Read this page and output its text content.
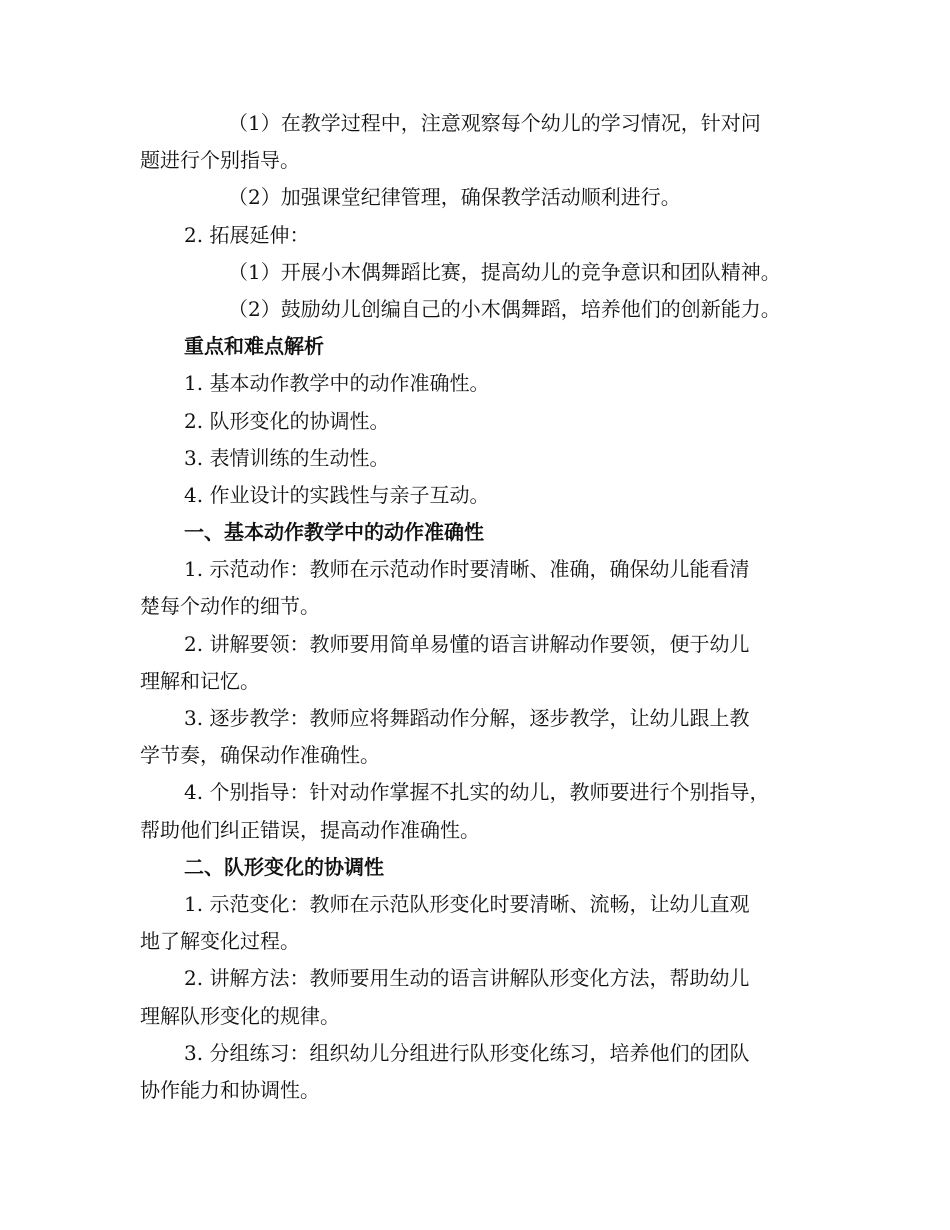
（1）在教学过程中，注意观察每个幼儿的学习情况，针对问
题进行个别指导。
（2）加强课堂纪律管理，确保教学活动顺利进行。
2. 拓展延伸：
（1）开展小木偶舞蹈比赛，提高幼儿的竞争意识和团队精神。
（2）鼓励幼儿创编自己的小木偶舞蹈，培养他们的创新能力。
重点和难点解析
1. 基本动作教学中的动作准确性。
2. 队形变化的协调性。
3. 表情训练的生动性。
4. 作业设计的实践性与亲子互动。
一、基本动作教学中的动作准确性
1. 示范动作：教师在示范动作时要清晰、准确，确保幼儿能看清
楚每个动作的细节。
2. 讲解要领：教师要用简单易懂的语言讲解动作要领，便于幼儿
理解和记忆。
3. 逐步教学：教师应将舞蹈动作分解，逐步教学，让幼儿跟上教
学节奏，确保动作准确性。
4. 个别指导：针对动作掌握不扎实的幼儿，教师要进行个别指导，
帮助他们纠正错误，提高动作准确性。
二、队形变化的协调性
1. 示范变化：教师在示范队形变化时要清晰、流畅，让幼儿直观
地了解变化过程。
2. 讲解方法：教师要用生动的语言讲解队形变化方法，帮助幼儿
理解队形变化的规律。
3. 分组练习：组织幼儿分组进行队形变化练习，培养他们的团队
协作能力和协调性。
